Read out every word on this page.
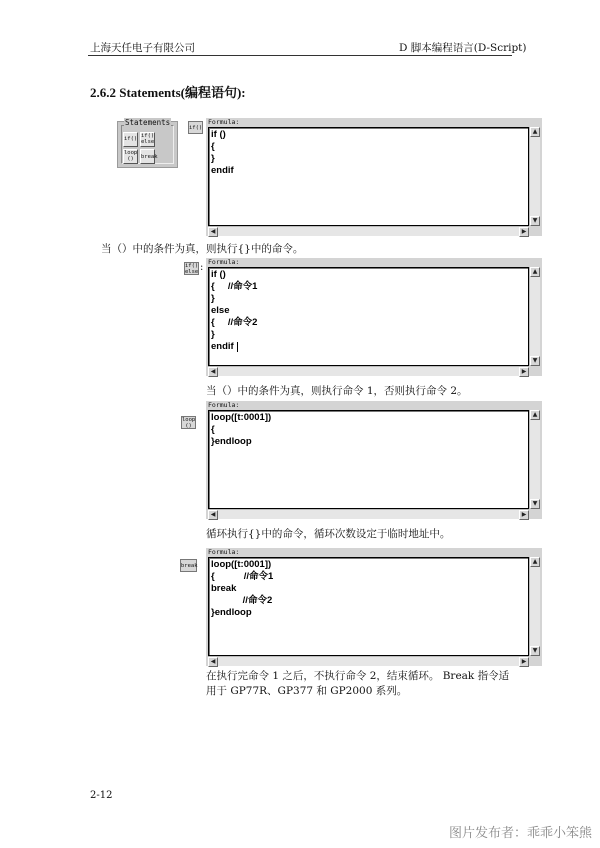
上海天任电子有限公司	D 脚本编程语言(D-Script)
2.6.2 Statements(编程语句):
Statements
if() if()
else
loop
()	break
if()
Formula:
if ()
{
}
endif
▲
▼
◀	▶
当（）中的条件为真，则执行{}中的命令。
if()
else : Formula:
if ()
{     //命令1
}
else
{     //命令2
}
endif
▲
▼
◀	▶
当（）中的条件为真，则执行命令 1，否则执行命令 2。
loop
()
Formula:
loop([t:0001])
{
}endloop
▲
▼
◀	▶
循环执行{}中的命令，循环次数设定于临时地址中。
break
Formula:
loop([t:0001])
{           //命令1
break
//命令2
}endloop
▲
▼
◀	▶
在执行完命令 1 之后，不执行命令 2，结束循环。 Break 指令适
用于 GP77R、GP377 和 GP2000 系列。
2-12
图片发布者：乖乖小笨熊
